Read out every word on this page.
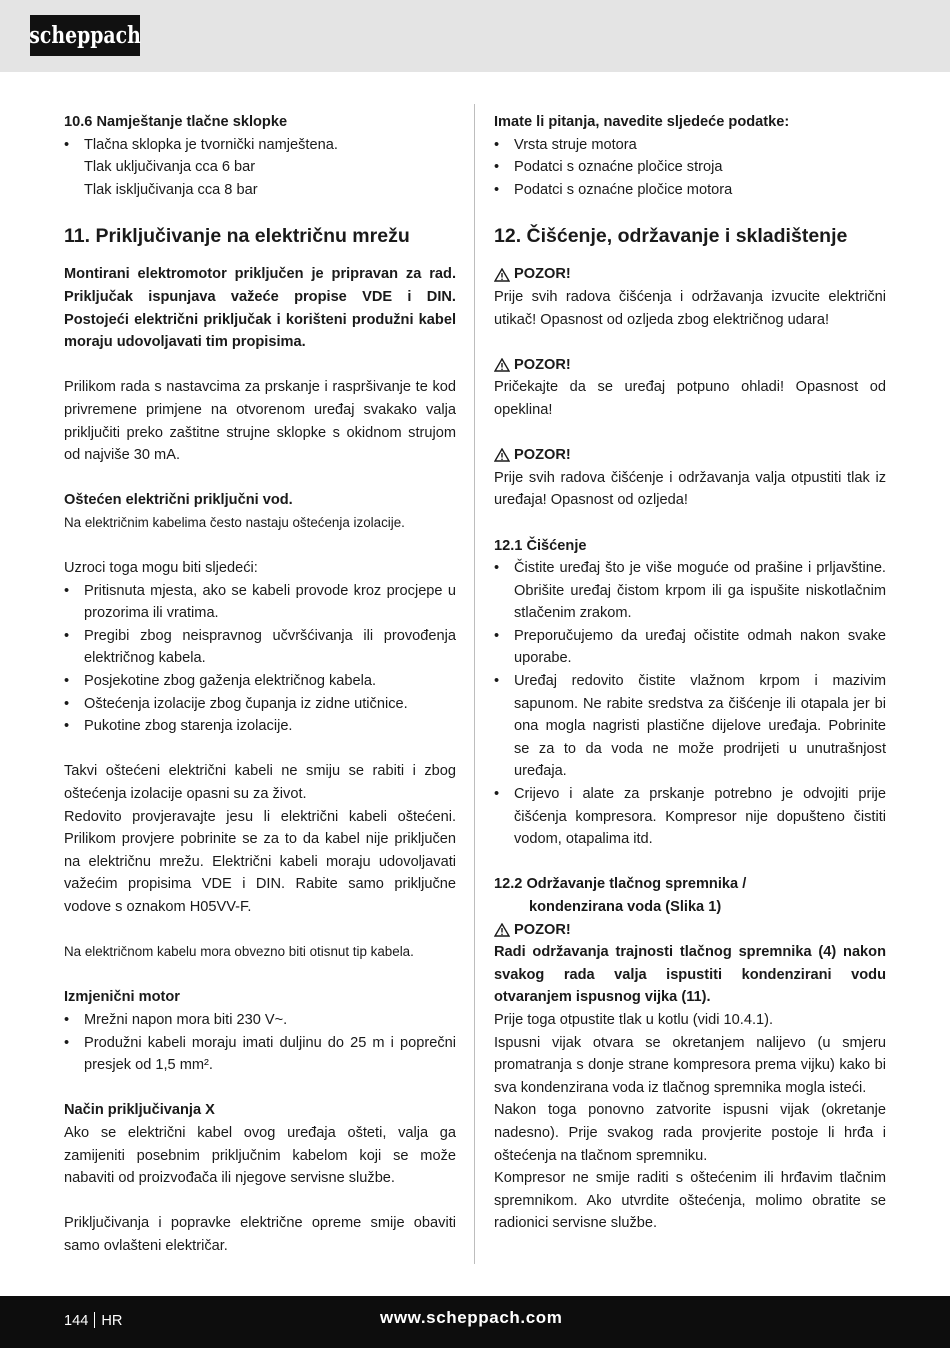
scheppach

10.6 Namještanje tlačne sklopke

• Tlačna sklopka je tvornički namještena.

Tlak uključivanja cca 6 bar

Tlak isključivanja cca 8 bar

11. Priključivanje na električnu mrežu

Montirani elektromotor priključen je pripravan za rad. Priključak ispunjava važeće propise VDE i DIN. Postojeći električni priključak i korišteni produžni kabel moraju udovoljavati tim propisima.

Prilikom rada s nastavcima za prskanje i raspršivanje te kod privremene primjene na otvorenom uređaj svakako valja priključiti preko zaštitne strujne sklopke s okidnom strujom od najviše 30 mA.

Oštećen električni priključni vod.

Na električnim kabelima često nastaju oštećenja izolacije.

Uzroci toga mogu biti sljedeći:

• Pritisnuta mjesta, ako se kabeli provode kroz procjepe u prozorima ili vratima.
• Pregibi zbog neispravnog učvršćivanja ili provođenja električnog kabela.
• Posjekotine zbog gaženja električnog kabela.
• Oštećenja izolacije zbog čupanja iz zidne utičnice.
• Pukotine zbog starenja izolacije.

Takvi oštećeni električni kabeli ne smiju se rabiti i zbog oštećenja izolacije opasni su za život.

Redovito provjeravajte jesu li električni kabeli oštećeni. Prilikom provjere pobrinite se za to da kabel nije priključen na električnu mrežu. Električni kabeli moraju udovoljavati važećim propisima VDE i DIN. Rabite samo priključne vodove s oznakom H05VV-F.

Na električnom kabelu mora obvezno biti otisnut tip kabela.

Izmjenični motor

• Mrežni napon mora biti 230 V~.
• Produžni kabeli moraju imati duljinu do 25 m i poprečni presjek od 1,5 mm².

Način priključivanja X

Ako se električni kabel ovog uređaja ošteti, valja ga zamijeniti posebnim priključnim kabelom koji se može nabaviti od proizvođača ili njegove servisne službe.

Priključivanja i popravke električne opreme smije obaviti samo ovlašteni električar.

Imate li pitanja, navedite sljedeće podatke:

• Vrsta struje motora
• Podatci s oznaćne pločice stroja
• Podatci s oznaćne pločice motora
12. Čišćenje, održavanje i skladištenje

POZOR!

Prije svih radova čišćenja i održavanja izvucite električni utikač! Opasnost od ozljeda zbog električnog udara!

POZOR!

Pričekajte da se uređaj potpuno ohladi! Opasnost od opeklina!

POZOR!

Prije svih radova čišćenje i održavanja valja otpustiti tlak iz uređaja! Opasnost od ozljeda!

12.1 Čišćenje

• Čistite uređaj što je više moguće od prašine i prljavštine. Obrišite uređaj čistom krpom ili ga ispušite niskotlačnim stlačenim zrakom.
• Preporučujemo da uređaj očistite odmah nakon svake uporabe.
• Uređaj redovito čistite vlažnom krpom i mazivim sapunom. Ne rabite sredstva za čišćenje ili otapala jer bi ona mogla nagristi plastične dijelove uređaja. Pobrinite se za to da voda ne može prodrijeti u unutrašnjost uređaja.
• Crijevo i alate za prskanje potrebno je odvojiti prije čišćenja kompresora. Kompresor nije dopušteno čistiti vodom, otapalima itd.

12.2 Održavanje tlačnog spremnika /

kondenzirana voda (Slika 1)

POZOR!

Radi održavanja trajnosti tlačnog spremnika (4) nakon svakog rada valja ispustiti kondenzirani vodu otvaranjem ispusnog vijka (11).

Prije toga otpustite tlak u kotlu (vidi 10.4.1).

Ispusni vijak otvara se okretanjem nalijevo (u smjeru promatranja s donje strane kompresora prema vijku) kako bi sva kondenzirana voda iz tlačnog spremnika mogla isteći.

Nakon toga ponovno zatvorite ispusni vijak (okretanje nadesno). Prije svakog rada provjerite postoje li hrđa i oštećenja na tlačnom spremniku.

Kompresor ne smije raditi s oštećenim ili hrđavim tlačnim spremnikom. Ako utvrdite oštećenja, molimo obratite se radionici servisne službe.

144 HR	www.scheppach.com
